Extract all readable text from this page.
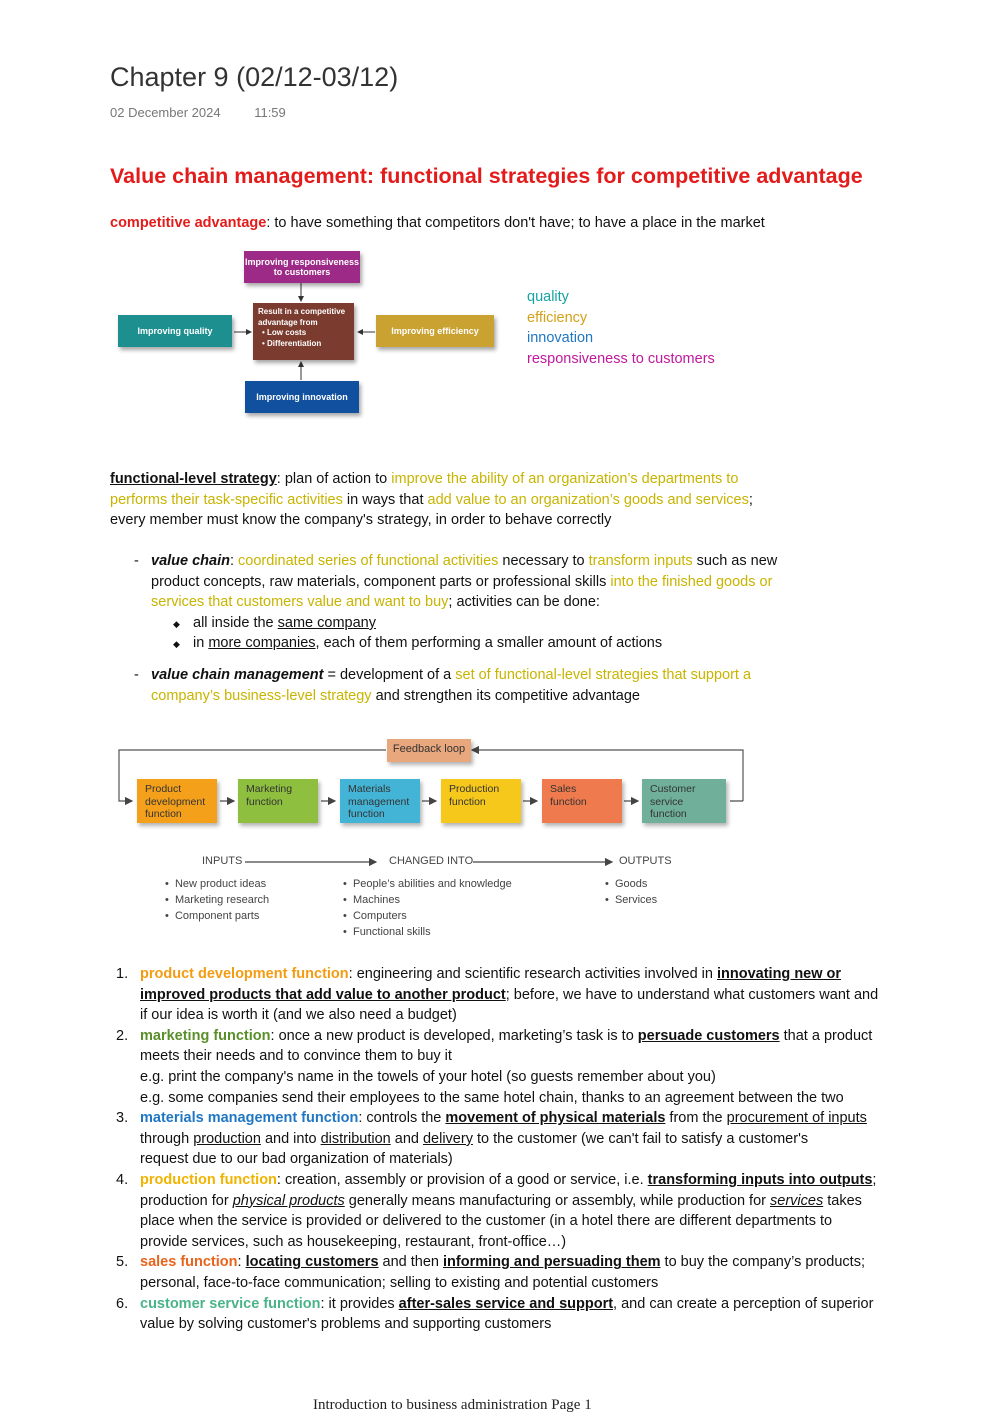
Chapter 9 (02/12-03/12)
02 December 2024	11:59
Value chain management: functional strategies for competitive advantage
competitive advantage: to have something that competitors don't have; to have a place in the market
Improving responsiveness to customers
Improving quality	Improving efficiency
Improving innovation
Result in a competitive advantage from
• Low costs
• Differentiation
quality
efficiency
innovation
responsiveness to customers
functional-level strategy: plan of action to improve the ability of an organization’s departments to
performs their task-specific activities in ways that add value to an organization’s goods and services;
every member must know the company's strategy, in order to behave correctly
- value chain: coordinated series of functional activities necessary to transform inputs such as new
product concepts, raw materials, component parts or professional skills into the finished goods or
services that customers value and want to buy; activities can be done:
◆ all inside the same company
◆ in more companies, each of them performing a smaller amount of actions
- value chain management = development of a set of functional-level strategies that support a
company’s business-level strategy and strengthen its competitive advantage
Feedback loop
Product development function
Marketing function
Materials management function
Production function
Sales function
Customer service function
INPUTS	CHANGED INTO	OUTPUTS
•  New product ideas
•  Marketing research
•  Component parts
•  People’s abilities and knowledge
•  Machines
•  Computers
•  Functional skills
•  Goods
•  Services
1. product development function: engineering and scientific research activities involved in innovating new or
improved products that add value to another product; before, we have to understand what customers want and
if our idea is worth it (and we also need a budget)
2. marketing function: once a new product is developed, marketing’s task is to persuade customers that a product
meets their needs and to convince them to buy it
e.g. print the company's name in the towels of your hotel (so guests remember about you)
e.g. some companies send their employees to the same hotel chain, thanks to an agreement between the two
3. materials management function: controls the movement of physical materials from the procurement of inputs
through production and into distribution and delivery to the customer (we can't fail to satisfy a customer's
request due to our bad organization of materials)
4. production function: creation, assembly or provision of a good or service, i.e. transforming inputs into outputs;
production for physical products generally means manufacturing or assembly, while production for services takes
place when the service is provided or delivered to the customer (in a hotel there are different departments to
provide services, such as housekeeping, restaurant, front-office…)
5. sales function: locating customers and then informing and persuading them to buy the company’s products;
personal, face-to-face communication; selling to existing and potential customers
6. customer service function: it provides after-sales service and support, and can create a perception of superior
value by solving customer's problems and supporting customers
Introduction to business administration Page 1
